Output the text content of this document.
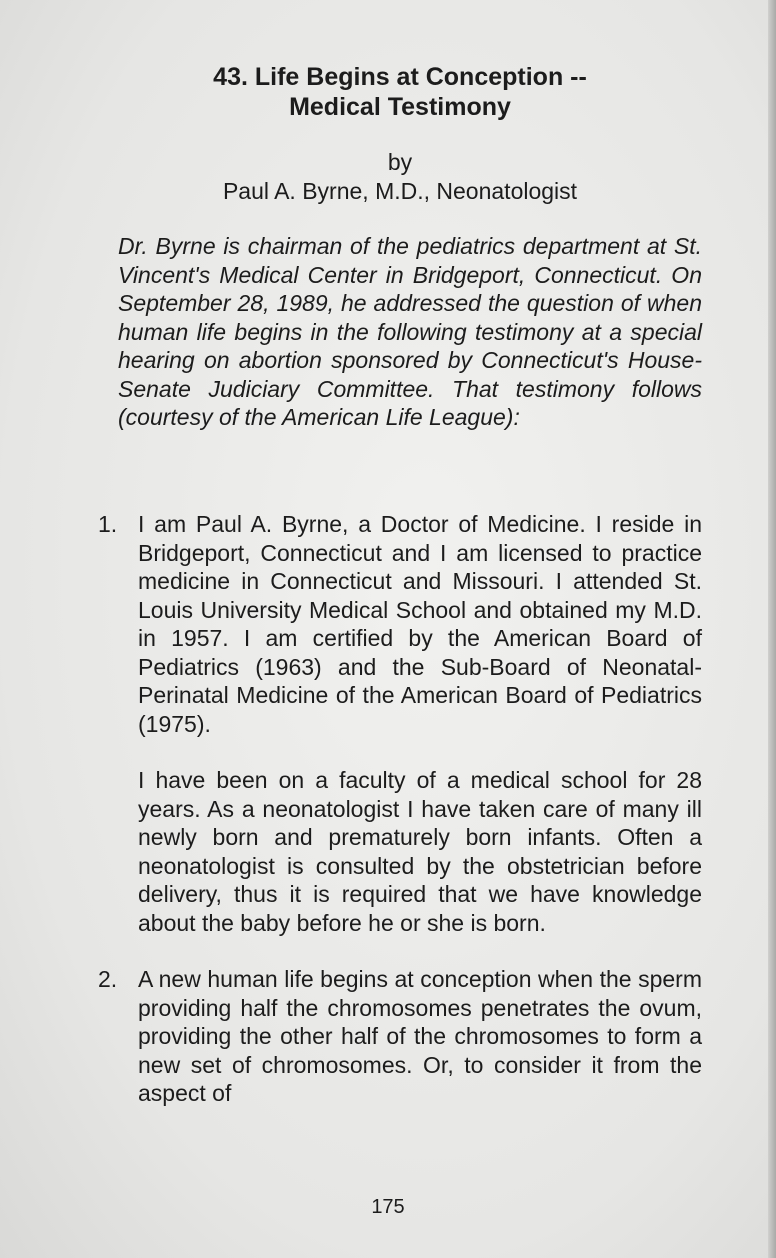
43. Life Begins at Conception --
Medical Testimony
by
Paul A. Byrne, M.D., Neonatologist

Dr. Byrne is chairman of the pediatrics department at St. Vincent's Medical Center in Bridgeport, Connecticut. On September 28, 1989, he addressed the question of when human life begins in the following testimony at a special hearing on abortion sponsored by Connecticut's House-Senate Judiciary Committee. That testimony follows (courtesy of the American Life League):

1. I am Paul A. Byrne, a Doctor of Medicine. I reside in Bridgeport, Connecticut and I am licensed to practice medicine in Connecticut and Missouri. I attended St. Louis University Medical School and obtained my M.D. in 1957. I am certified by the American Board of Pediatrics (1963) and the Sub-Board of Neonatal-Perinatal Medicine of the American Board of Pediatrics (1975).

I have been on a faculty of a medical school for 28 years. As a neonatologist I have taken care of many ill newly born and prematurely born infants. Often a neonatologist is consulted by the obstetrician before delivery, thus it is required that we have knowledge about the baby before he or she is born.

2. A new human life begins at conception when the sperm providing half the chromosomes penetrates the ovum, providing the other half of the chromosomes to form a new set of chromosomes. Or, to consider it from the aspect of

175
